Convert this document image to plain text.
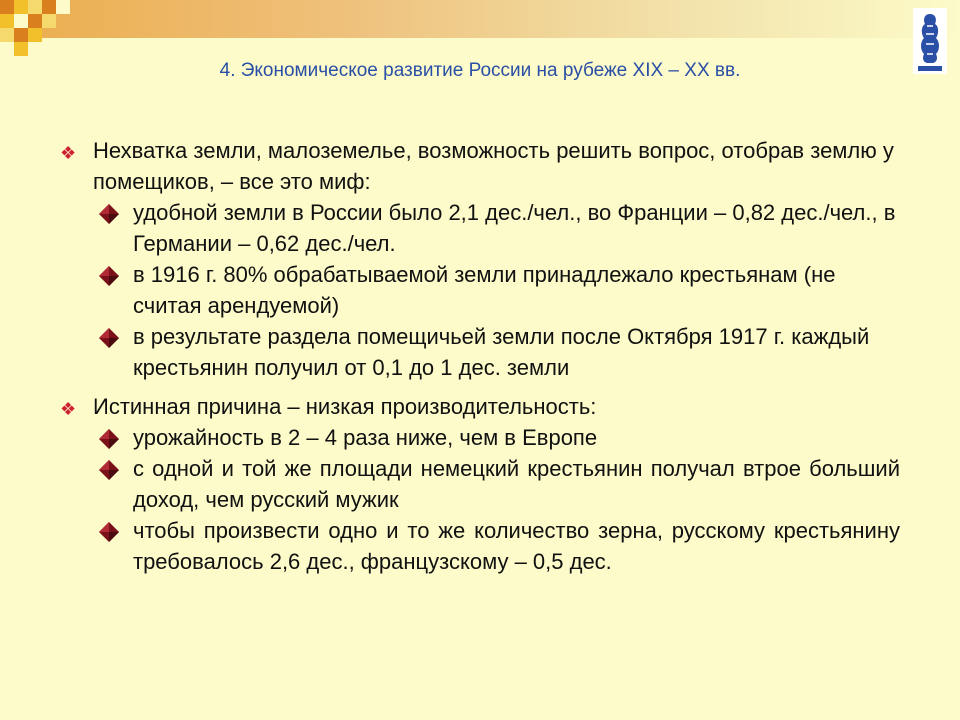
4. Экономическое развитие России на рубеже XIX – XX вв.
❖ Нехватка земли, малоземелье, возможность решить вопрос, отобрав землю у помещиков, – все это миф:
удобной земли в России было 2,1 дес./чел., во Франции – 0,82 дес./чел., в Германии – 0,62 дес./чел.
в 1916 г. 80% обрабатываемой земли принадлежало крестьянам (не считая арендуемой)
в результате раздела помещичьей земли после Октября 1917 г. каждый крестьянин получил от 0,1 до 1 дес. земли
❖ Истинная причина – низкая производительность:
урожайность в 2 – 4 раза ниже, чем в Европе
с одной и той же площади немецкий крестьянин получал втрое больший доход, чем русский мужик
чтобы произвести одно и то же количество зерна, русскому крестьянину требовалось 2,6 дес., французскому – 0,5 дес.
